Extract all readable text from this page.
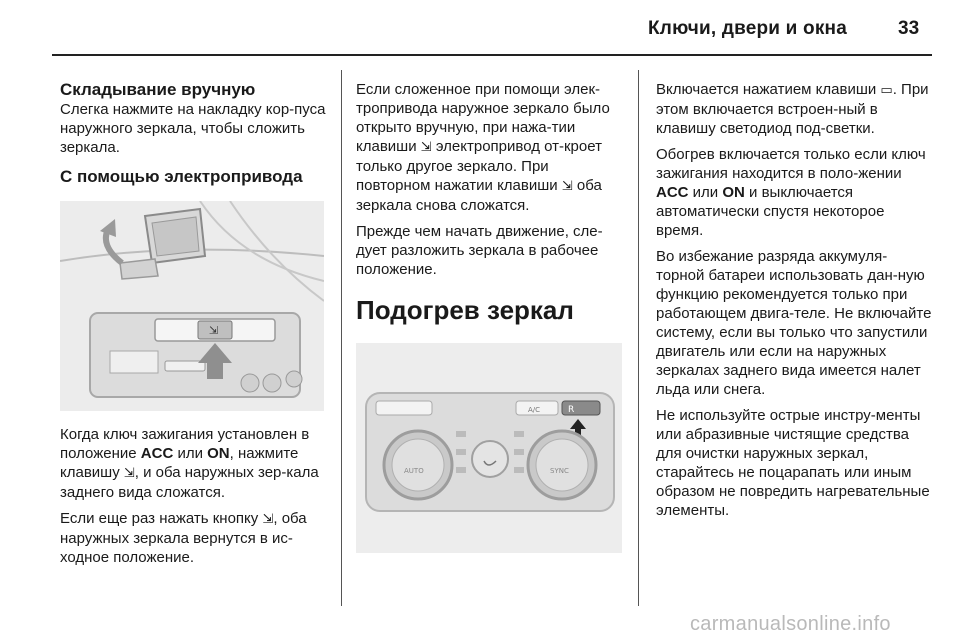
Ключи, двери и окна	33
Складывание вручную

Слегка нажмите на накладку кор-пуса наружного зеркала, чтобы сложить зеркала.

С помощью электропривода
⇲

Когда ключ зажигания установлен в положение ACC или ON, нажмите клавишу ⇲, и оба наружных зер-кала заднего вида сложатся.

Если еще раз нажать кнопку ⇲, оба наружных зеркала вернутся в ис-ходное положение.

Если сложенное при помощи элек-тропривода наружное зеркало было открыто вручную, при нажа-тии клавиши ⇲ электропривод от-кроет только другое зеркало. При повторном нажатии клавиши ⇲ оба зеркала снова сложатся.

Прежде чем начать движение, сле-дует разложить зеркала в рабочее положение.

Подогрев зеркал
A/C	R
AUTO	SYNC

Включается нажатием клавиши ▭. При этом включается встроен-ный в клавишу светодиод под-светки.

Обогрев включается только если ключ зажигания находится в поло-жении ACC или ON и выключается автоматически спустя некоторое время.

Во избежание разряда аккумуля-торной батареи использовать дан-ную функцию рекомендуется только при работающем двига-теле. Не включайте систему, если вы только что запустили двигатель или если на наружных зеркалах заднего вида имеется налет льда или снега.

Не используйте острые инстру-менты или абразивные чистящие средства для очистки наружных зеркал, старайтесь не поцарапать или иным образом не повредить нагревательные элементы.

carmanualsonline.info
